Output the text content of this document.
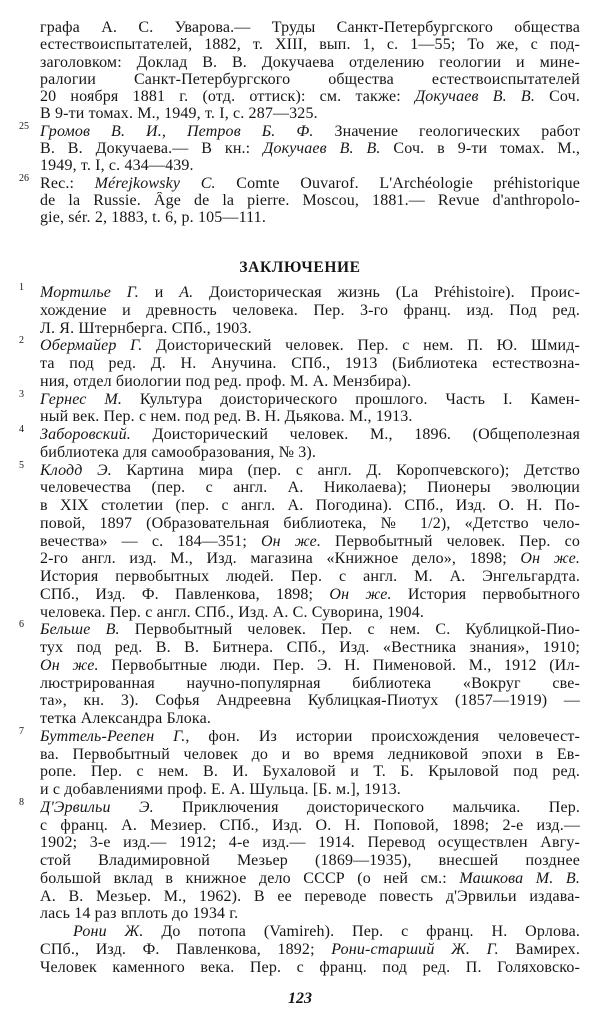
графа А. С. Уварова.— Труды Санкт-Петербургского общества
естествоиспытателей, 1882, т. XIII, вып. 1, с. 1—55; То же, с под-
заголовком: Доклад В. В. Докучаева отделению геологии и мине-
ралогии Санкт-Петербургского общества естествоиспытателей
20 ноября 1881 г. (отд. оттиск): см. также: Докучаев В. В. Соч.
В 9-ти томах. М., 1949, т. I, с. 287—325.
25 Громов В. И., Петров Б. Ф. Значение геологических работ
В. В. Докучаева.— В кн.: Докучаев В. В. Соч. в 9-ти томах. М.,
1949, т. I, с. 434—439.
26 Rec.: Mérejkowsky C. Comte Ouvarof. L'Archéologie préhistorique
de la Russie. Âge de la pierre. Moscou, 1881.— Revue d'anthropolo-
gie, sér. 2, 1883, t. 6, p. 105—111.
ЗАКЛЮЧЕНИЕ
1 Мортилье Г. и А. Доисторическая жизнь (La Préhistoire). Проис-
хождение и древность человека. Пер. 3-го франц. изд. Под ред.
Л. Я. Штернберга. СПб., 1903.
2 Обермайер Г. Доисторический человек. Пер. с нем. П. Ю. Шмид-
та под ред. Д. Н. Анучина. СПб., 1913 (Библиотека естествозна-
ния, отдел биологии под ред. проф. М. А. Мензбира).
3 Гернес М. Культура доисторического прошлого. Часть I. Камен-
ный век. Пер. с нем. под ред. В. Н. Дьякова. М., 1913.
4 Заборовский. Доисторический человек. М., 1896. (Общеполезная
библиотека для самообразования, № 3).
5 Клодд Э. Картина мира (пер. с англ. Д. Коропчевского); Детство
человечества (пер. с англ. А. Николаева); Пионеры эволюции
в XIX столетии (пер. с англ. А. Погодина). СПб., Изд. О. Н. По-
повой, 1897 (Образовательная библиотека, № 1/2), «Детство чело-
вечества» — с. 184—351; Он же. Первобытный человек. Пер. со
2-го англ. изд. М., Изд. магазина «Книжное дело», 1898; Он же.
История первобытных людей. Пер. с англ. М. А. Энгельгардта.
СПб., Изд. Ф. Павленкова, 1898; Он же. История первобытного
человека. Пер. с англ. СПб., Изд. А. С. Суворина, 1904.
6 Бельше В. Первобытный человек. Пер. с нем. С. Кублицкой-Пио-
тух под ред. В. В. Битнера. СПб., Изд. «Вестника знания», 1910;
Он же. Первобытные люди. Пер. Э. Н. Пименовой. М., 1912 (Ил-
люстрированная научно-популярная библиотека «Вокруг све-
та», кн. 3). Софья Андреевна Кублицкая-Пиотух (1857—1919) —
тетка Александра Блока.
7 Буттель-Реепен Г., фон. Из истории происхождения человечест-
ва. Первобытный человек до и во время ледниковой эпохи в Ев-
ропе. Пер. с нем. В. И. Бухаловой и Т. Б. Крыловой под ред.
и с добавлениями проф. Е. А. Шульца. [Б. м.], 1913.
8 Д'Эрвильи Э. Приключения доисторического мальчика. Пер.
с франц. А. Мезиер. СПб., Изд. О. Н. Поповой, 1898; 2-е изд.—
1902; 3-е изд.— 1912; 4-е изд.— 1914. Перевод осуществлен Авгу-
стой Владимировной Мезьер (1869—1935), внесшей позднее
большой вклад в книжное дело СССР (о ней см.: Машкова М. В.
А. В. Мезьер. М., 1962). В ее переводе повесть д'Эрвильи издава-
лась 14 раз вплоть до 1934 г.
Рони Ж. До потопа (Vamireh). Пер. с франц. Н. Орлова.
СПб., Изд. Ф. Павленкова, 1892; Рони-старший Ж. Г. Вамирех.
Человек каменного века. Пер. с франц. под ред. П. Голяховско-
123
